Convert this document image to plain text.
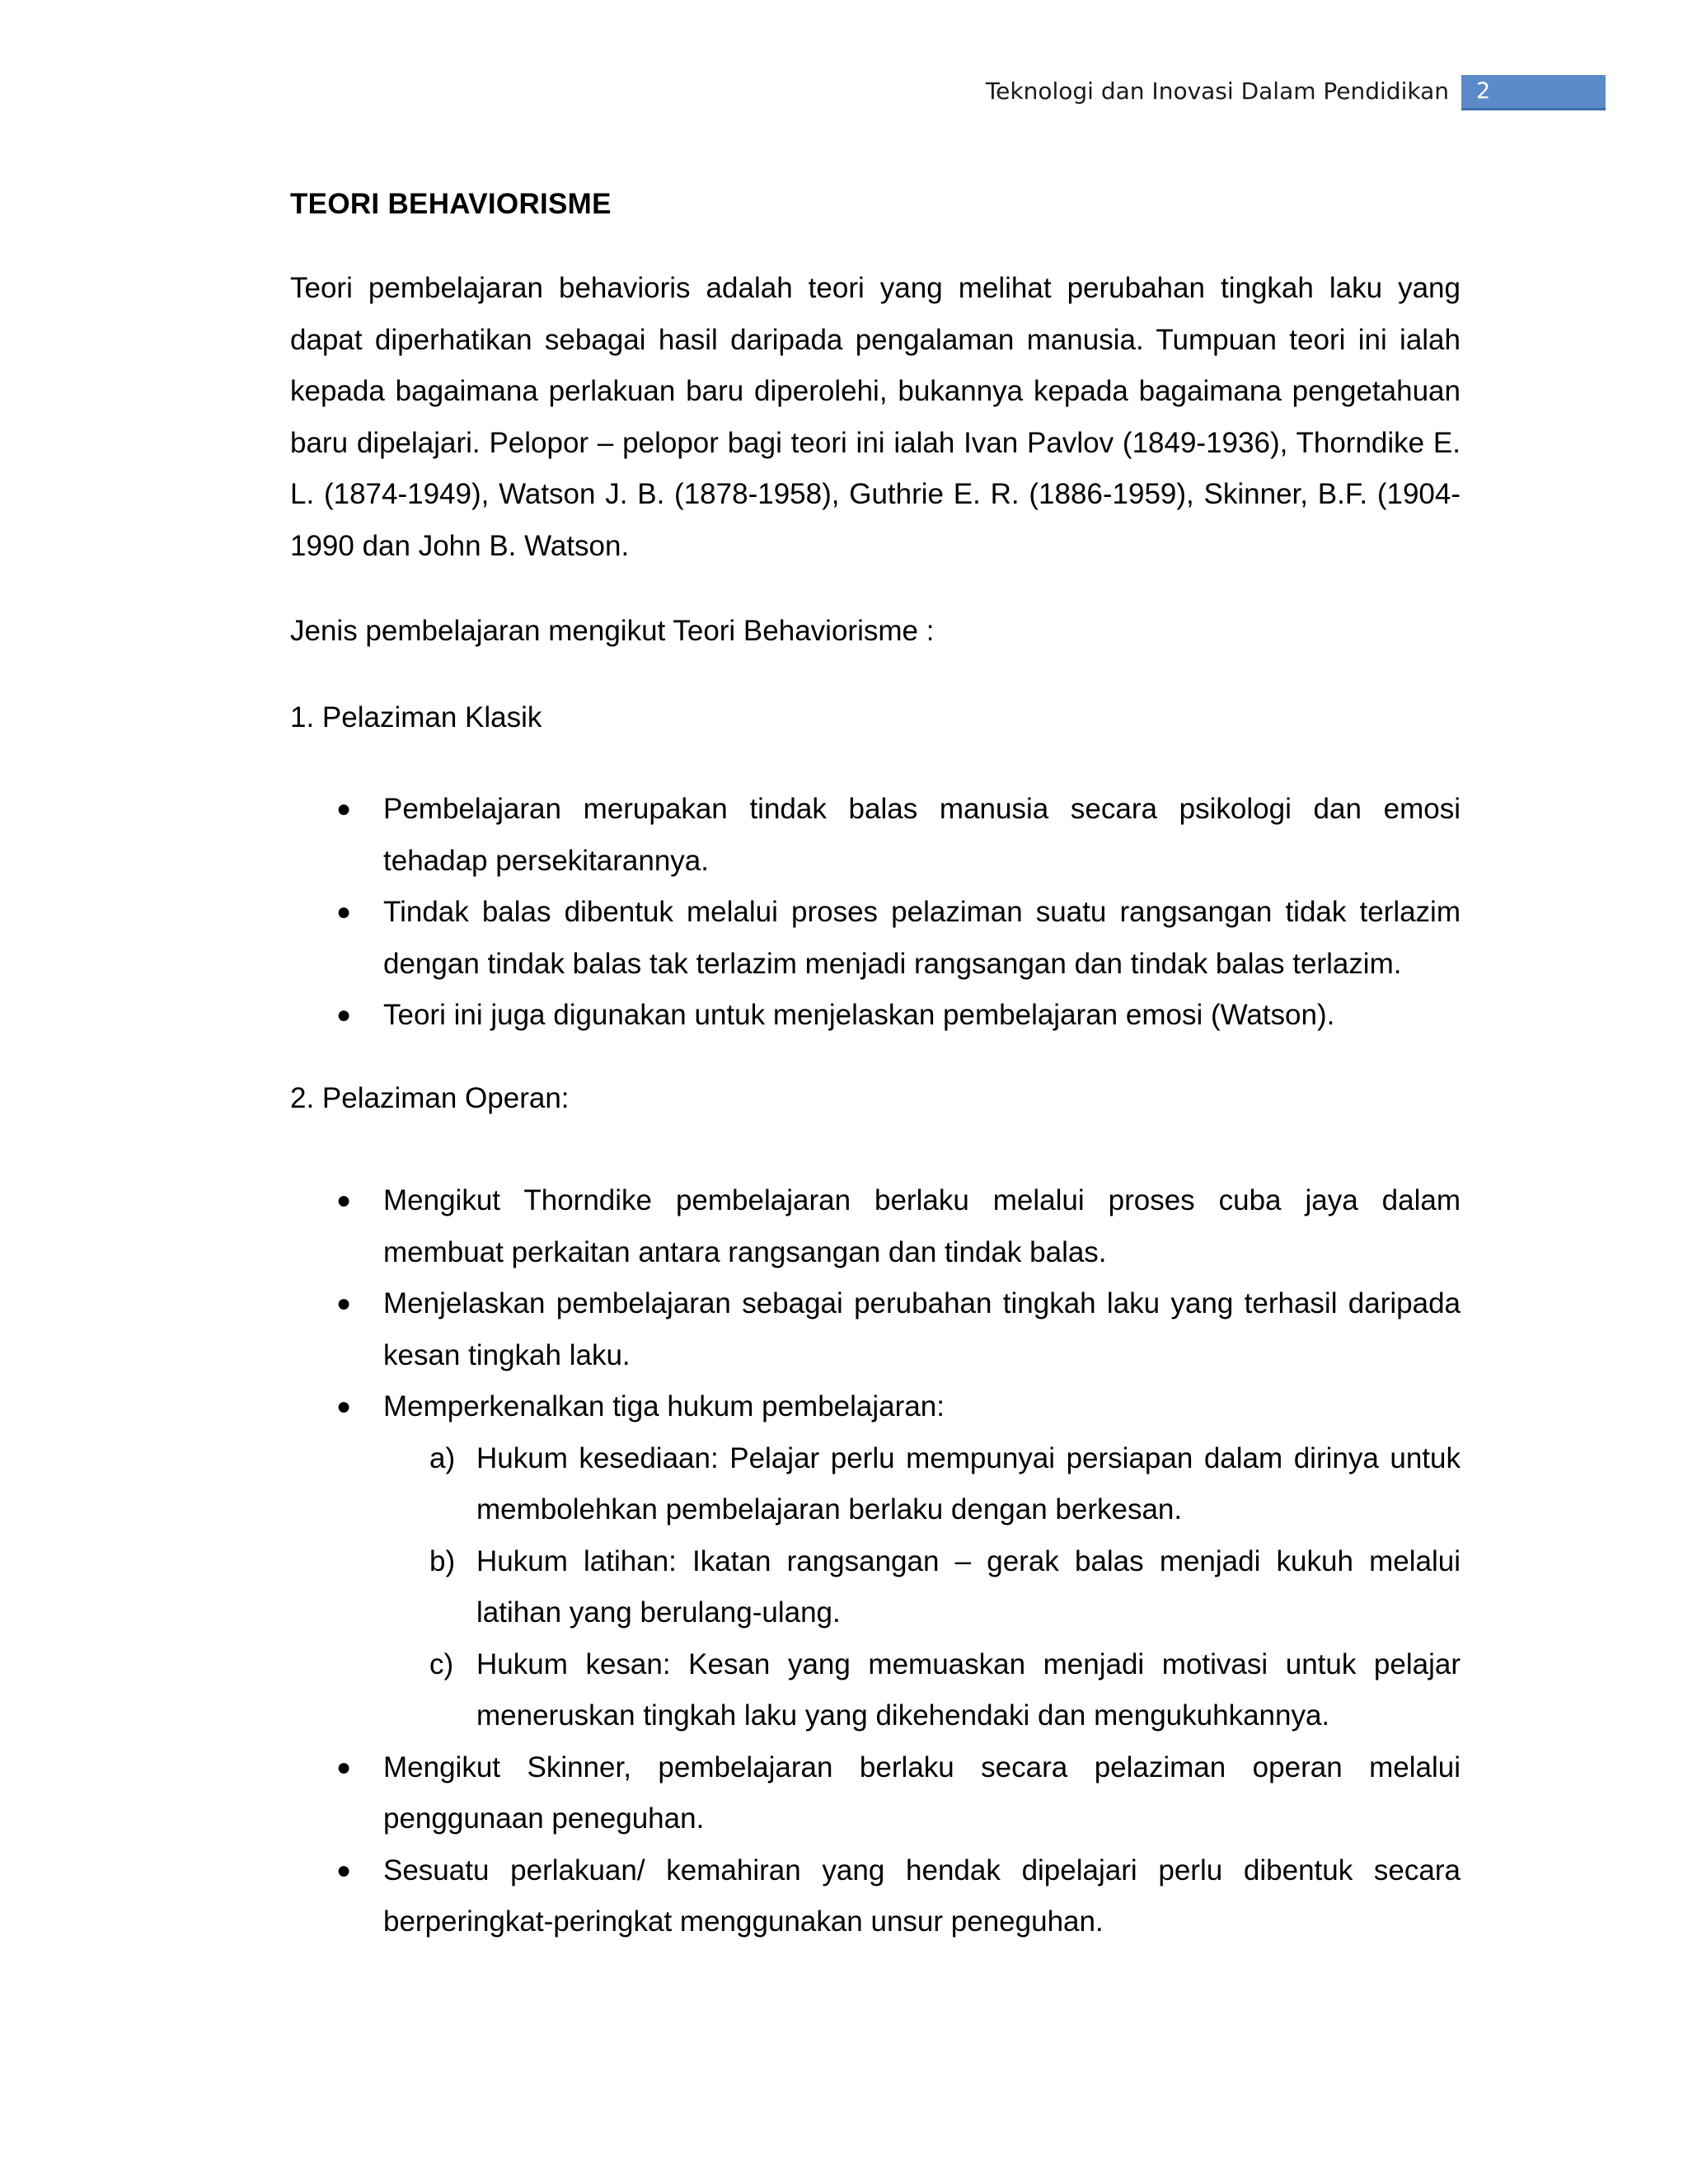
Teknologi dan Inovasi Dalam Pendidikan 2
TEORI BEHAVIORISME
Teori pembelajaran behavioris adalah teori yang melihat perubahan tingkah laku yang dapat diperhatikan sebagai hasil daripada pengalaman manusia. Tumpuan teori ini ialah kepada bagaimana perlakuan baru diperolehi, bukannya kepada bagaimana pengetahuan baru dipelajari. Pelopor – pelopor bagi teori ini ialah Ivan Pavlov (1849-1936), Thorndike E. L. (1874-1949), Watson J. B. (1878-1958), Guthrie E. R. (1886-1959), Skinner, B.F. (1904-1990 dan John B. Watson.
Jenis pembelajaran mengikut Teori Behaviorisme :
1. Pelaziman Klasik
● Pembelajaran merupakan tindak balas manusia secara psikologi dan emosi tehadap persekitarannya.
● Tindak balas dibentuk melalui proses pelaziman suatu rangsangan tidak terlazim dengan tindak balas tak terlazim menjadi rangsangan dan tindak balas terlazim.
● Teori ini juga digunakan untuk menjelaskan pembelajaran emosi (Watson).
2. Pelaziman Operan:
● Mengikut Thorndike pembelajaran berlaku melalui proses cuba jaya dalam membuat perkaitan antara rangsangan dan tindak balas.
● Menjelaskan pembelajaran sebagai perubahan tingkah laku yang terhasil daripada kesan tingkah laku.
● Memperkenalkan tiga hukum pembelajaran:
a) Hukum kesediaan: Pelajar perlu mempunyai persiapan dalam dirinya untuk membolehkan pembelajaran berlaku dengan berkesan.
b) Hukum latihan: Ikatan rangsangan – gerak balas menjadi kukuh melalui latihan yang berulang-ulang.
c) Hukum kesan: Kesan yang memuaskan menjadi motivasi untuk pelajar meneruskan tingkah laku yang dikehendaki dan mengukuhkannya.
● Mengikut Skinner, pembelajaran berlaku secara pelaziman operan melalui penggunaan peneguhan.
● Sesuatu perlakuan/ kemahiran yang hendak dipelajari perlu dibentuk secara berperingkat-peringkat menggunakan unsur peneguhan.
